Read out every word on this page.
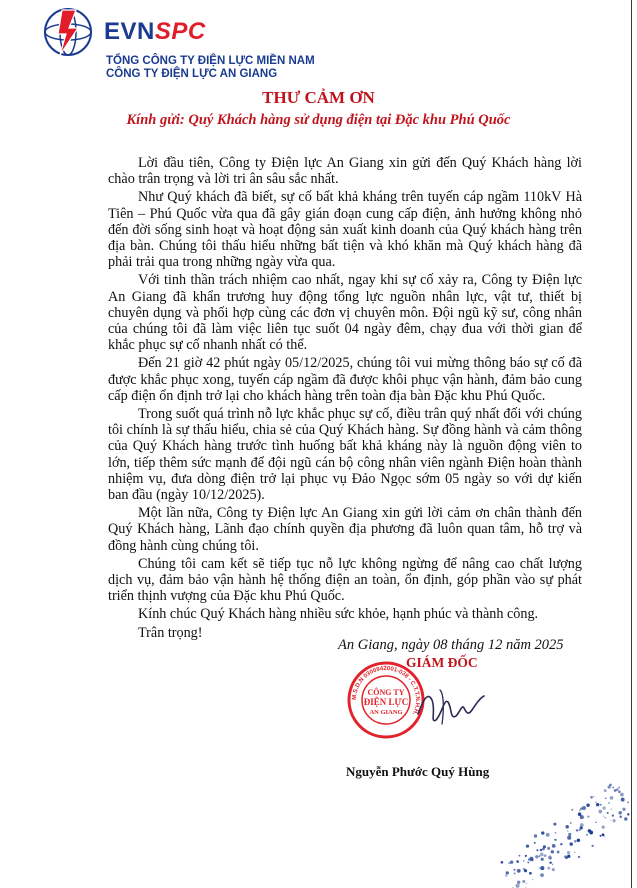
EVNSPC
TỔNG CÔNG TY ĐIỆN LỰC MIỀN NAM
CÔNG TY ĐIỆN LỰC AN GIANG
THƯ CẢM ƠN
Kính gửi: Quý Khách hàng sử dụng điện tại Đặc khu Phú Quốc

Lời đầu tiên, Công ty Điện lực An Giang xin gửi đến Quý Khách hàng lời chào trân trọng và lời tri ân sâu sắc nhất.

Như Quý khách đã biết, sự cố bất khả kháng trên tuyến cáp ngầm 110kV Hà Tiên – Phú Quốc vừa qua đã gây gián đoạn cung cấp điện, ảnh hưởng không nhỏ đến đời sống sinh hoạt và hoạt động sản xuất kinh doanh của Quý khách hàng trên địa bàn. Chúng tôi thấu hiểu những bất tiện và khó khăn mà Quý khách hàng đã phải trải qua trong những ngày vừa qua.

Với tinh thần trách nhiệm cao nhất, ngay khi sự cố xảy ra, Công ty Điện lực An Giang đã khẩn trương huy động tổng lực nguồn nhân lực, vật tư, thiết bị chuyên dụng và phối hợp cùng các đơn vị chuyên môn. Đội ngũ kỹ sư, công nhân của chúng tôi đã làm việc liên tục suốt 04 ngày đêm, chạy đua với thời gian để khắc phục sự cố nhanh nhất có thể.

Đến 21 giờ 42 phút ngày 05/12/2025, chúng tôi vui mừng thông báo sự cố đã được khắc phục xong, tuyến cáp ngầm đã được khôi phục vận hành, đảm bảo cung cấp điện ổn định trở lại cho khách hàng trên toàn địa bàn Đặc khu Phú Quốc.

Trong suốt quá trình nỗ lực khắc phục sự cố, điều trân quý nhất đối với chúng tôi chính là sự thấu hiểu, chia sẻ của Quý Khách hàng. Sự đồng hành và cảm thông của Quý Khách hàng trước tình huống bất khả kháng này là nguồn động viên to lớn, tiếp thêm sức mạnh để đội ngũ cán bộ công nhân viên ngành Điện hoàn thành nhiệm vụ, đưa dòng điện trở lại phục vụ Đảo Ngọc sớm 05 ngày so với dự kiến ban đầu (ngày 10/12/2025).

Một lần nữa, Công ty Điện lực An Giang xin gửi lời cảm ơn chân thành đến Quý Khách hàng, Lãnh đạo chính quyền địa phương đã luôn quan tâm, hỗ trợ và đồng hành cùng chúng tôi.

Chúng tôi cam kết sẽ tiếp tục nỗ lực không ngừng để nâng cao chất lượng dịch vụ, đảm bảo vận hành hệ thống điện an toàn, ổn định, góp phần vào sự phát triển thịnh vượng của Đặc khu Phú Quốc.

Kính chúc Quý Khách hàng nhiều sức khỏe, hạnh phúc và thành công.

Trân trọng!

An Giang, ngày 08 tháng 12 năm 2025
GIÁM ĐỐC
M.S.D.N 0300942001-038 - C.T.T.N.H.H.
CÔNG TY
ĐIỆN LỰC
AN GIANG
Nguyễn Phước Quý Hùng
